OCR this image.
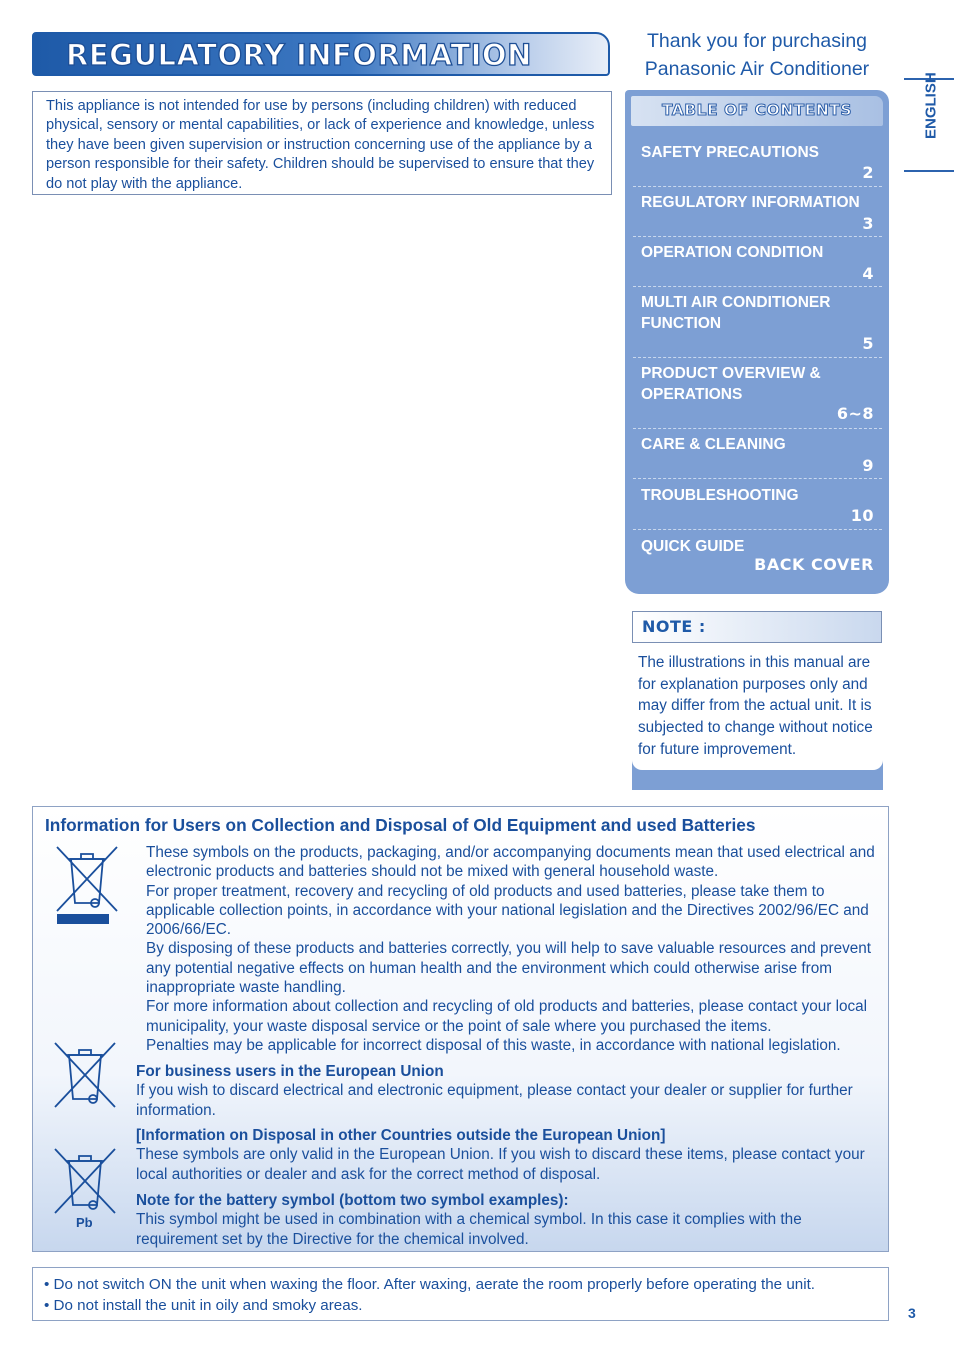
REGULATORY INFORMATION
This appliance is not intended for use by persons (including children) with reduced physical, sensory or mental capabilities, or lack of experience and knowledge, unless they have been given supervision or instruction concerning use of the appliance by a person responsible for their safety. Children should be supervised to ensure that they do not play with the appliance.
Thank you for purchasing
Panasonic Air Conditioner
ENGLISH
TABLE OF CONTENTS
SAFETY PRECAUTIONS
2
REGULATORY INFORMATION
3
OPERATION CONDITION
4
MULTI AIR CONDITIONER FUNCTION
5
PRODUCT OVERVIEW & OPERATIONS
6~8
CARE & CLEANING
9
TROUBLESHOOTING
10
QUICK GUIDE
BACK COVER
NOTE :
The illustrations in this manual are for explanation purposes only and may differ from the actual unit. It is subjected to change without notice for future improvement.
Information for Users on Collection and Disposal of Old Equipment and used Batteries
Pb
These symbols on the products, packaging, and/or accompanying documents mean that used electrical and electronic products and batteries should not be mixed with general household waste.
For proper treatment, recovery and recycling of old products and used batteries, please take them to applicable collection points, in accordance with your national legislation and the Directives 2002/96/EC and 2006/66/EC.
By disposing of these products and batteries correctly, you will help to save valuable resources and prevent any potential negative effects on human health and the environment which could otherwise arise from inappropriate waste handling.
For more information about collection and recycling of old products and batteries, please contact your local municipality, your waste disposal service or the point of sale where you purchased the items.
Penalties may be applicable for incorrect disposal of this waste, in accordance with national legislation.
For business users in the European Union
If you wish to discard electrical and electronic equipment, please contact your dealer or supplier for further information.
[Information on Disposal in other Countries outside the European Union]
These symbols are only valid in the European Union. If you wish to discard these items, please contact your local authorities or dealer and ask for the correct method of disposal.
Note for the battery symbol (bottom two symbol examples):
This symbol might be used in combination with a chemical symbol. In this case it complies with the requirement set by the Directive for the chemical involved.
• Do not switch ON the unit when waxing the floor. After waxing, aerate the room properly before operating the unit.
• Do not install the unit in oily and smoky areas.	3
